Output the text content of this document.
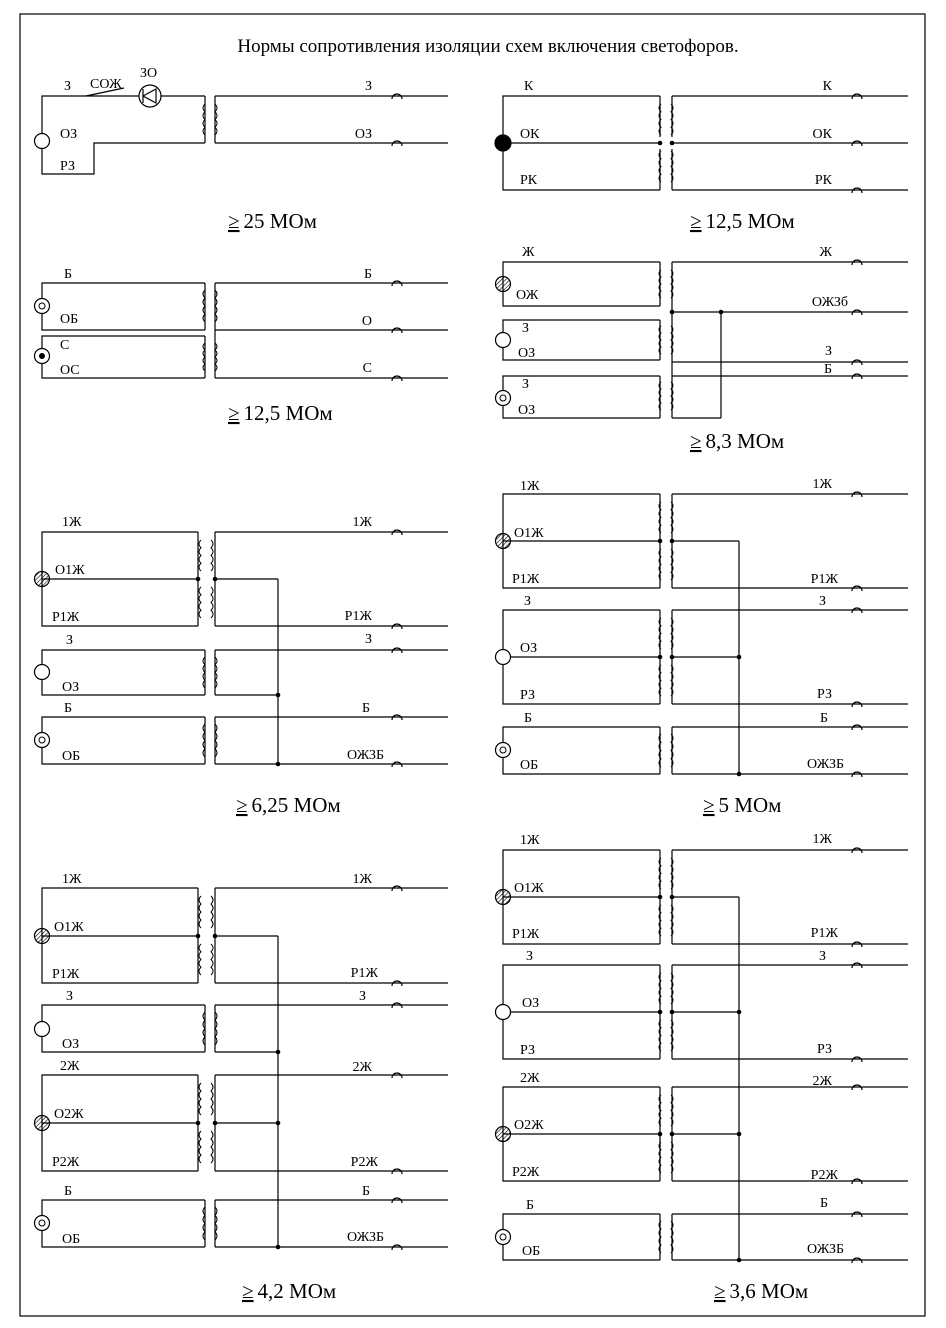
Нормы сопротивления изоляции схем включения светофоров.
З
ОЗ
РЗ
СОЖ
ЗО
З
ОЗ
К
ОК
РК
К
ОК
РК
Б
ОБ
С
ОС
Б
О
С
Ж
ОЖ
З
ОЗ
З
ОЗ
Ж
ОЖЗб
З
Б
1Ж
О1Ж
Р1Ж
З
ОЗ
Б
ОБ
1Ж
Р1Ж
З
Б
ОЖЗБ
1Ж
О1Ж
Р1Ж
З
ОЗ
РЗ
Б
ОБ
1Ж
Р1Ж
З
РЗ
Б
ОЖЗБ
1Ж
О1Ж
Р1Ж
З
ОЗ
2Ж
О2Ж
Р2Ж
Б
ОБ
1Ж
Р1Ж
З
2Ж
Р2Ж
Б
ОЖЗБ
1Ж
О1Ж
Р1Ж
З
ОЗ
РЗ
2Ж
О2Ж
Р2Ж
Б
ОБ
1Ж
Р1Ж
З
РЗ
2Ж
Р2Ж
Б
ОЖЗБ
≥ 25 МОм	≥ 12,5 МОм
≥ 12,5 МОм
≥ 8,3 МОм
≥ 6,25 МОм	≥ 5 МОм
≥ 4,2 МОм	≥ 3,6 МОм
